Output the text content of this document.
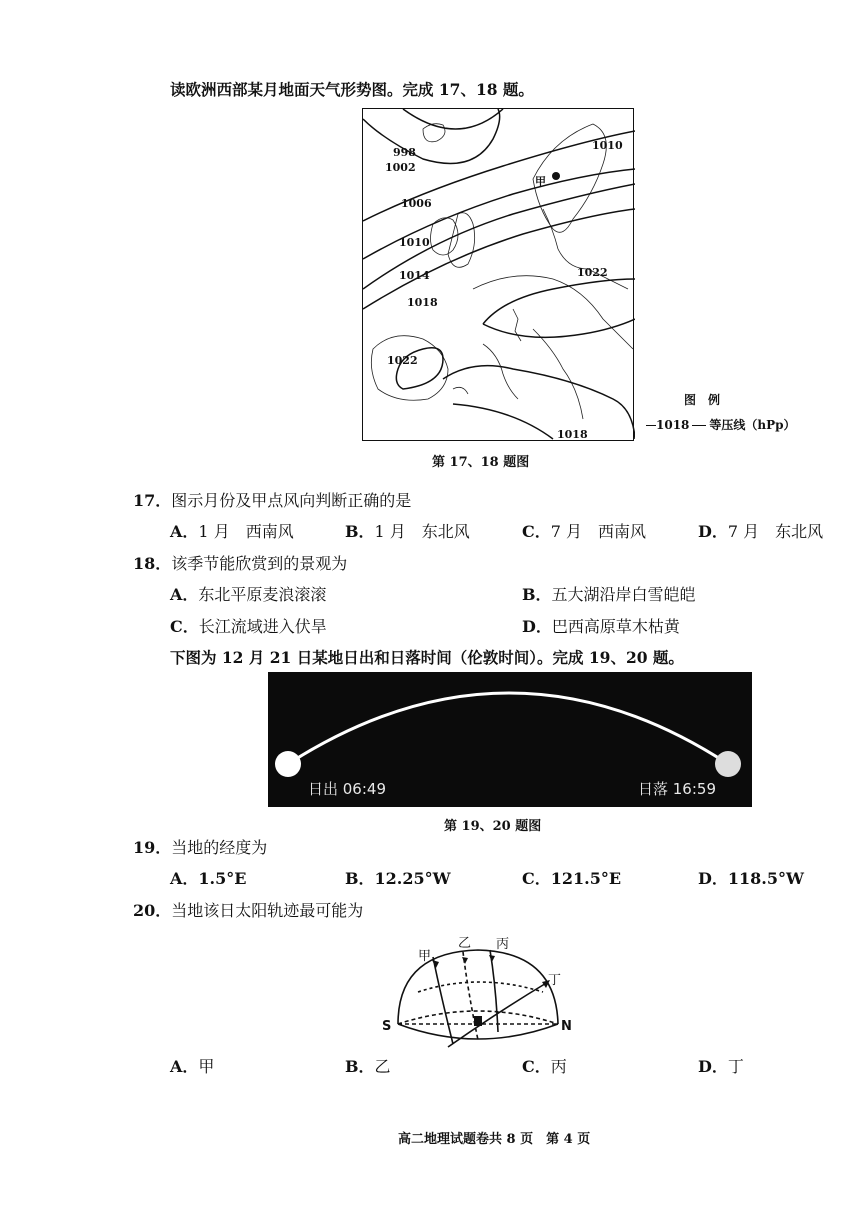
读欧洲西部某月地面天气形势图。完成 17、18 题。
998
1002
1006
1010
1014
1018
1022
1022
1010
1018
甲
图　例
1018 等压线（hPp）
第 17、18 题图
17．图示月份及甲点风向判断正确的是
A．1 月　西南风	B．1 月　东北风	C．7 月　西南风	D．7 月　东北风
18．该季节能欣赏到的景观为
A．东北平原麦浪滚滚	B．五大湖沿岸白雪皑皑
C．长江流域进入伏旱	D．巴西高原草木枯黄
下图为 12 月 21 日某地日出和日落时间（伦敦时间）。完成 19、20 题。
日出 06:49	日落 16:59
第 19、20 题图
19．当地的经度为
A．1.5°E	B．12.25°W	C．121.5°E	D．118.5°W
20．当地该日太阳轨迹最可能为
甲
乙 丙
丁
S	N
A．甲	B．乙	C．丙	D．丁
高二地理试题卷共 8 页　第 4 页
